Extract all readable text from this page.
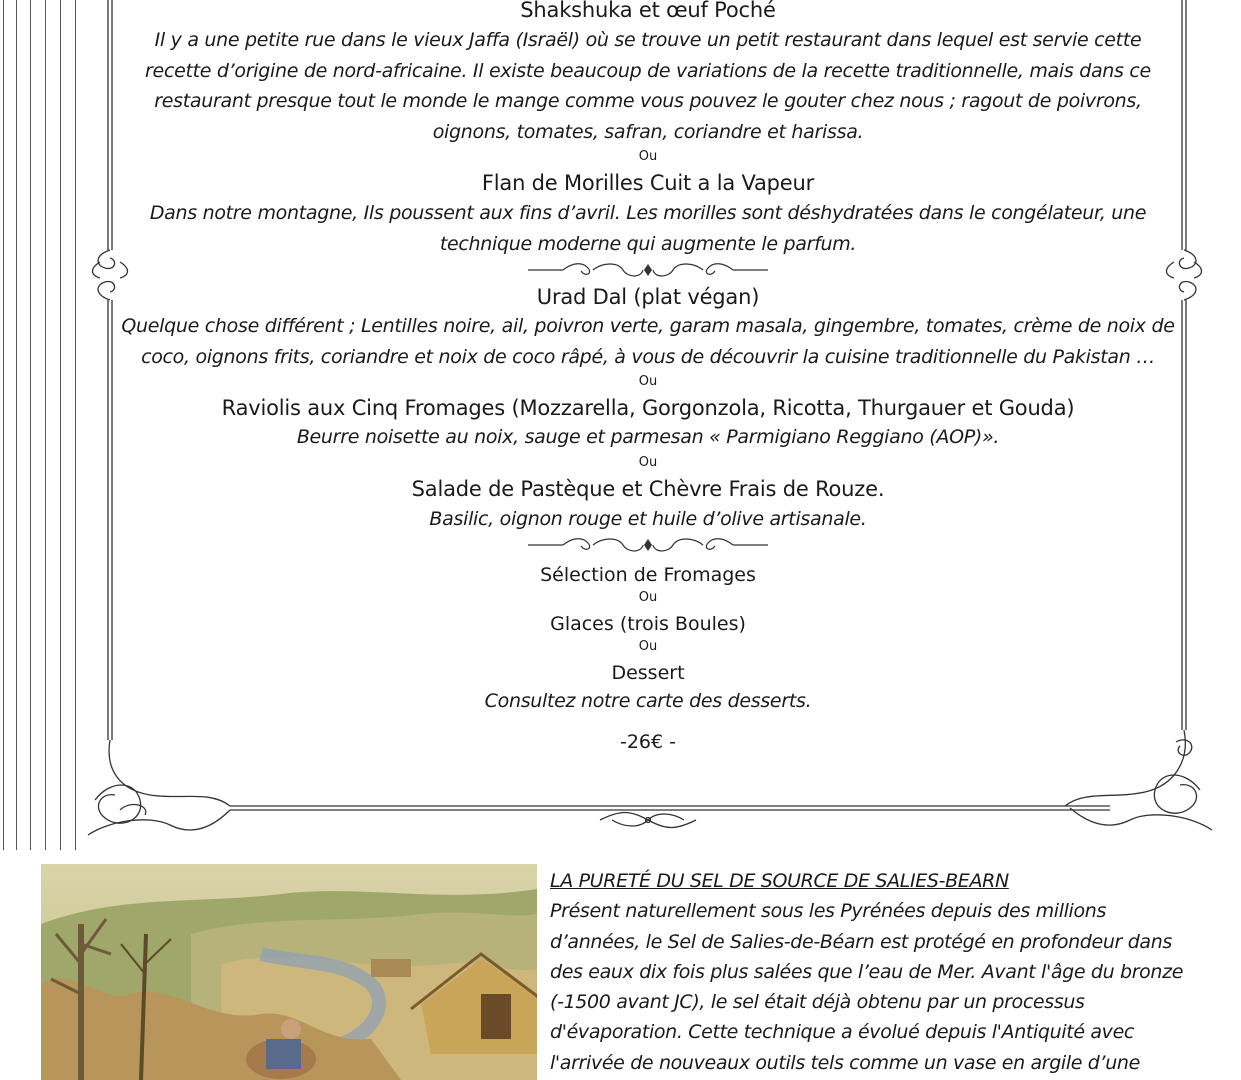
Shakshuka et œuf Poché
Il y a une petite rue dans le vieux Jaffa (Israël) où se trouve un petit restaurant dans lequel est servie cette
recette d’origine de nord-africaine. Il existe beaucoup de variations de la recette traditionnelle, mais dans ce
restaurant presque tout le monde le mange comme vous pouvez le gouter chez nous ; ragout de poivrons,
oignons, tomates, safran, coriandre et harissa.
Ou
Flan de Morilles Cuit a la Vapeur
Dans notre montagne, Ils poussent aux fins d’avril. Les morilles sont déshydratées dans le congélateur, une
technique moderne qui augmente le parfum.
Urad Dal (plat végan)
Quelque chose différent ; Lentilles noire, ail, poivron verte, garam masala, gingembre, tomates, crème de noix de
coco, oignons frits, coriandre et noix de coco râpé, à vous de découvrir la cuisine traditionnelle du Pakistan …
Ou
Raviolis aux Cinq Fromages (Mozzarella, Gorgonzola, Ricotta, Thurgauer et Gouda)
Beurre noisette au noix, sauge et parmesan « Parmigiano Reggiano (AOP)».
Ou
Salade de Pastèque et Chèvre Frais de Rouze.
Basilic, oignon rouge et huile d’olive artisanale.
Sélection de Fromages
Ou
Glaces (trois Boules)
Ou
Dessert
Consultez notre carte des desserts.
-26€ -
LA PURETÉ DU SEL DE SOURCE DE SALIES-BEARN
Présent naturellement sous les Pyrénées depuis des millions
d’années, le Sel de Salies-de-Béarn est protégé en profondeur dans
des eaux dix fois plus salées que l’eau de Mer. Avant l'âge du bronze
(-1500 avant JC), le sel était déjà obtenu par un processus
d'évaporation. Cette technique a évolué depuis l'Antiquité avec
l'arrivée de nouveaux outils tels comme un vase en argile d’une
